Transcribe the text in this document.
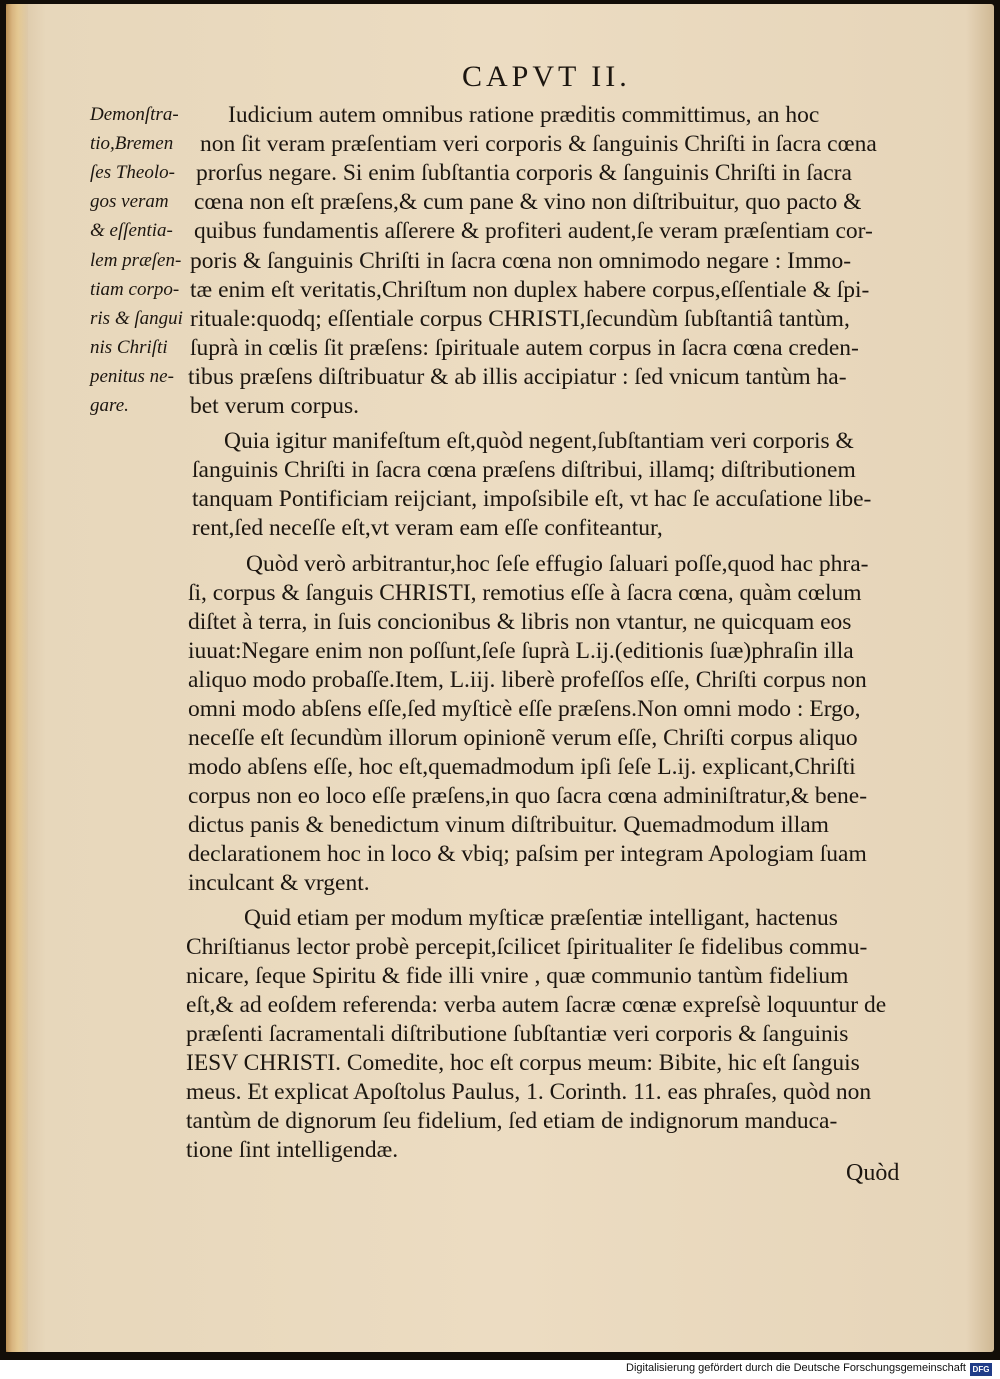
CAPVT II.
Demonſtra-
tio,Bremen
ſes Theolo-
gos veram
& eſſentia-
lem præſen-
tiam corpo-
ris & ſangui
nis Chriſti
penitus ne-
gare.
Iudicium autem omnibus ratione præditis committimus, an hoc
non ſit veram præſentiam veri corporis & ſanguinis Chriſti in ſacra cœna
prorſus negare. Si enim ſubſtantia corporis & ſanguinis Chriſti in ſacra
cœna non eſt præſens,& cum pane & vino non diſtribuitur, quo pacto &
quibus fundamentis aſſerere & profiteri audent,ſe veram præſentiam cor-
poris & ſanguinis Chriſti in ſacra cœna non omnimodo negare : Immo-
tæ enim eſt veritatis,Chriſtum non duplex habere corpus,eſſentiale & ſpi-
rituale:quodq; eſſentiale corpus CHRISTI,ſecundùm ſubſtantiâ tantùm,
ſuprà in cœlis ſit præſens: ſpirituale autem corpus in ſacra cœna creden-
tibus præſens diſtribuatur & ab illis accipiatur : ſed vnicum tantùm ha-
bet verum corpus.
Quia igitur manifeſtum eſt,quòd negent,ſubſtantiam veri corporis &
ſanguinis Chriſti in ſacra cœna præſens diſtribui, illamq; diſtributionem
tanquam Pontificiam reijciant, impoſsibile eſt, vt hac ſe accuſatione libe-
rent,ſed neceſſe eſt,vt veram eam eſſe confiteantur,
Quòd verò arbitrantur,hoc ſeſe effugio ſaluari poſſe,quod hac phra-
ſi, corpus & ſanguis CHRISTI, remotius eſſe à ſacra cœna, quàm cœlum
diſtet à terra, in ſuis concionibus & libris non vtantur, ne quicquam eos
iuuat:Negare enim non poſſunt,ſeſe ſuprà L.ij.(editionis ſuæ)phraſin illa
aliquo modo probaſſe.Item, L.iij. liberè profeſſos eſſe, Chriſti corpus non
omni modo abſens eſſe,ſed myſticè eſſe præſens.Non omni modo : Ergo,
neceſſe eſt ſecundùm illorum opinionẽ verum eſſe, Chriſti corpus aliquo
modo abſens eſſe, hoc eſt,quemadmodum ipſi ſeſe L.ij. explicant,Chriſti
corpus non eo loco eſſe præſens,in quo ſacra cœna adminiſtratur,& bene-
dictus panis & benedictum vinum diſtribuitur. Quemadmodum illam
declarationem hoc in loco & vbiq; paſsim per integram Apologiam ſuam
inculcant & vrgent.
Quid etiam per modum myſticæ præſentiæ intelligant, hactenus
Chriſtianus lector probè percepit,ſcilicet ſpiritualiter ſe fidelibus commu-
nicare, ſeque Spiritu & fide illi vnire , quæ communio tantùm fidelium
eſt,& ad eoſdem referenda: verba autem ſacræ cœnæ expreſsè loquuntur de
præſenti ſacramentali diſtributione ſubſtantiæ veri corporis & ſanguinis
IESV CHRISTI. Comedite, hoc eſt corpus meum: Bibite, hic eſt ſanguis
meus. Et explicat Apoſtolus Paulus, 1. Corinth. 11. eas phraſes, quòd non
tantùm de dignorum ſeu fidelium, ſed etiam de indignorum manduca-
tione ſint intelligendæ.
Quòd
Digitalisierung gefördert durch die Deutsche Forschungsgemeinschaft DFG
